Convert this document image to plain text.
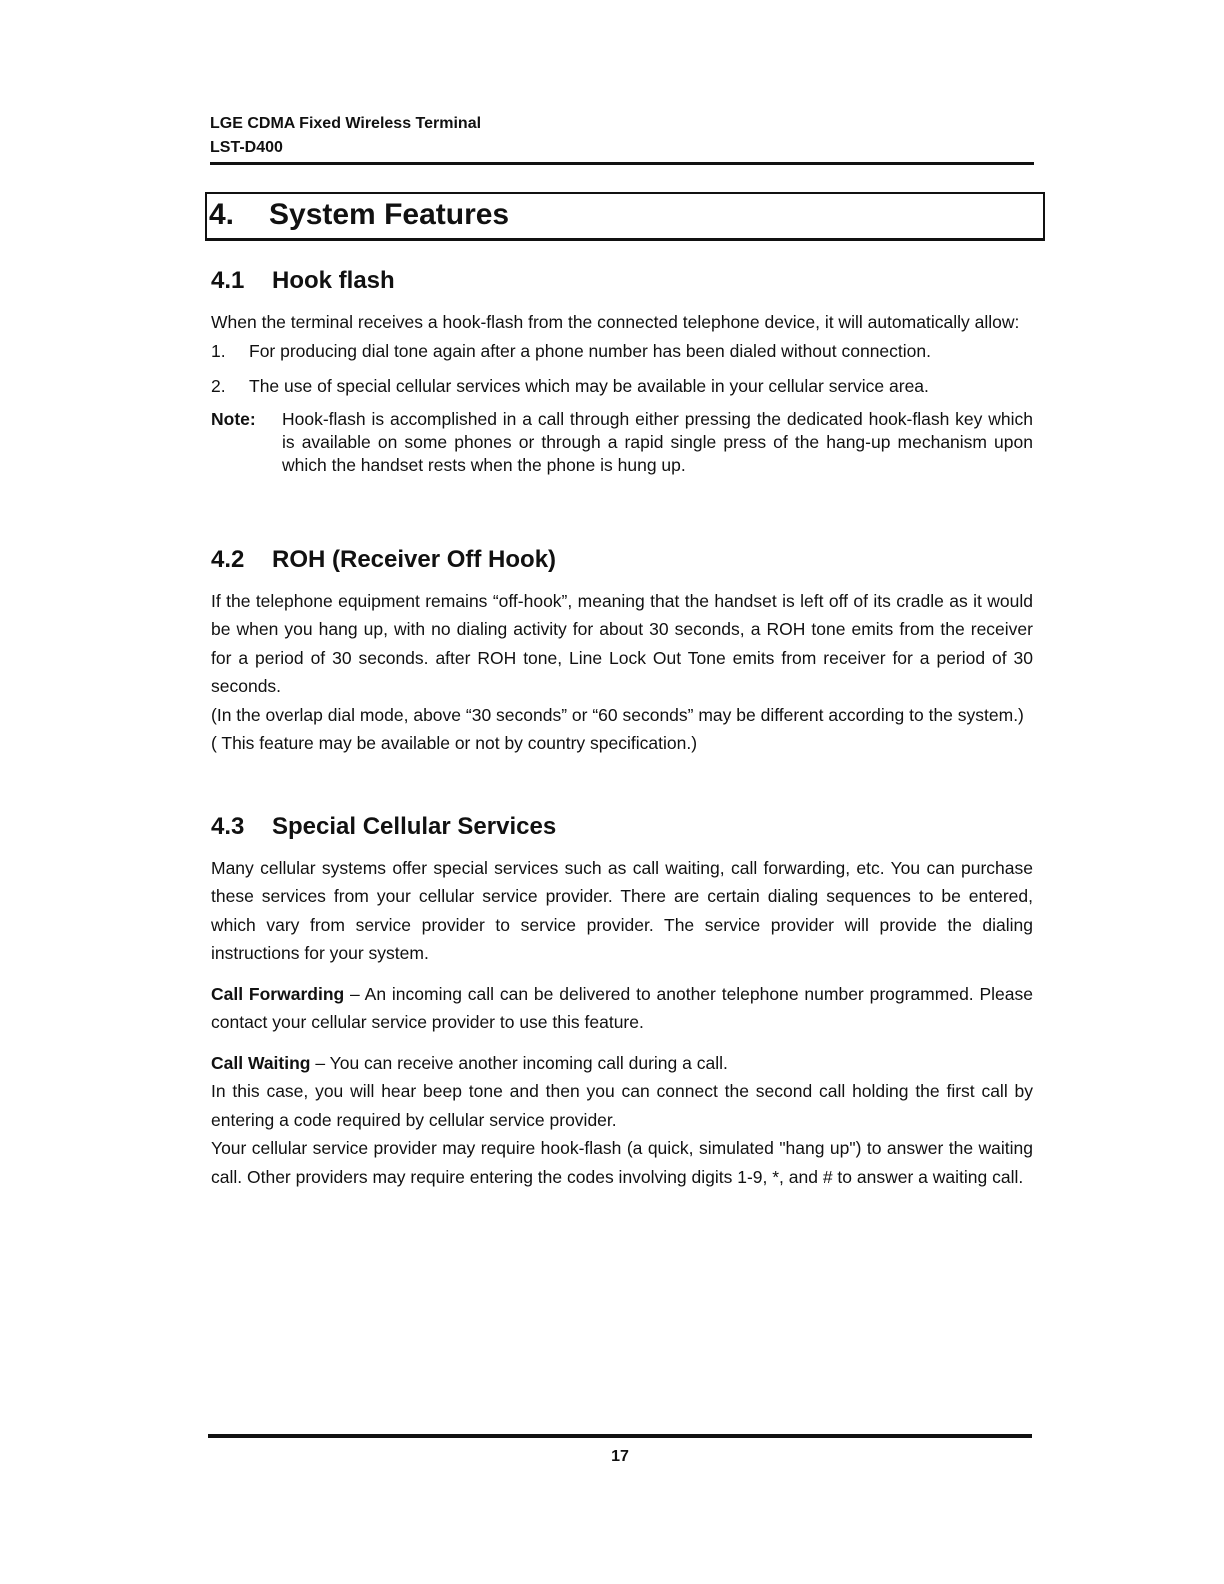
LGE CDMA Fixed Wireless Terminal
LST-D400
4. System Features
4.1 Hook flash

When the terminal receives a hook-flash from the connected telephone device, it will automatically allow:

1.	For producing dial tone again after a phone number has been dialed without connection.
2.	The use of special cellular services which may be available in your cellular service area.
Note:	Hook-flash is accomplished in a call through either pressing the dedicated hook-flash key which is available on some phones or through a rapid single press of the hang-up mechanism upon which the handset rests when the phone is hung up.
4.2 ROH (Receiver Off Hook)

If the telephone equipment remains “off-hook”, meaning that the handset is left off of its cradle as it would be when you hang up, with no dialing activity for about 30 seconds, a ROH tone emits from the receiver for a period of 30 seconds. after ROH tone, Line Lock Out Tone emits from receiver for a period of 30 seconds.

(In the overlap dial mode, above “30 seconds” or “60 seconds” may be different according to the system.)

( This feature may be available or not by country specification.)

4.3 Special Cellular Services

Many cellular systems offer special services such as call waiting, call forwarding, etc. You can purchase these services from your cellular service provider. There are certain dialing sequences to be entered, which vary from service provider to service provider. The service provider will provide the dialing instructions for your system.

Call Forwarding – An incoming call can be delivered to another telephone number programmed. Please contact your cellular service provider to use this feature.

Call Waiting – You can receive another incoming call during a call.

In this case, you will hear beep tone and then you can connect the second call holding the first call by entering a code required by cellular service provider.

Your cellular service provider may require hook-flash (a quick, simulated "hang up") to answer the waiting call. Other providers may require entering the codes involving digits 1-9, *, and # to answer a waiting call.

17
